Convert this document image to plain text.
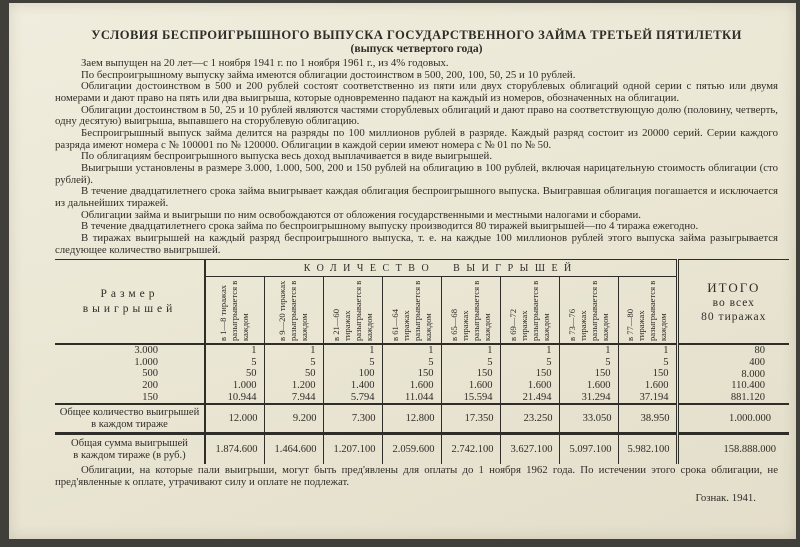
УСЛОВИЯ БЕСПРОИГРЫШНОГО ВЫПУСКА ГОСУДАРСТВЕННОГО ЗАЙМА ТРЕТЬЕЙ ПЯТИЛЕТКИ
(выпуск четвертого года)

Заем выпущен на 20 лет—с 1 ноября 1941 г. по 1 ноября 1961 г., из 4% годовых.

По беспроигрышному выпуску займа имеются облигации достоинством в 500, 200, 100, 50, 25 и 10 рублей.

Облигации достоинством в 500 и 200 рублей состоят соответственно из пяти или двух сторублевых облигаций одной серии с пятью или двумя номерами и дают право на пять или два выигрыша, которые одновременно падают на каждый из номеров, обозначенных на облигации.

Облигации достоинством в 50, 25 и 10 рублей являются частями сторублевых облигаций и дают право на соответствующую долю (половину, четверть, одну десятую) выигрыша, выпавшего на сторублевую облигацию.

Беспроигрышный выпуск займа делится на разряды по 100 миллионов рублей в разряде. Каждый разряд состоит из 20000 серий. Серии каждого разряда имеют номера с № 100001 по № 120000. Облигации в каждой серии имеют номера с № 01 по № 50.

По облигациям беспроигрышного выпуска весь доход выплачивается в виде выигрышей.

Выигрыши установлены в размере 3.000, 1.000, 500, 200 и 150 рублей на облигацию в 100 рублей, включая нарицательную стоимость облигации (сто рублей).

В течение двадцатилетнего срока займа выигрывает каждая облигация беспроигрышного выпуска. Выигравшая облигация погашается и исключается из дальнейших тиражей.

Облигации займа и выигрыши по ним освобождаются от обложения государственными и местными налогами и сборами.

В течение двадцатилетнего срока займа по беспроигрышному выпуску производится 80 тиражей выигрышей—по 4 тиража ежегодно.

В тиражах выигрышей на каждый разряд беспроигрышного выпуска, т. е. на каждые 100 миллионов рублей этого выпуска займа разыгрывается следующее количество выигрышей.

Размер
выигрышей
	КОЛИЧЕСТВО ВЫИГРЫШЕЙ	
ИТОГО
во всех
80 тиражах

	в 1—8 тиражах разыгрывается в каждом	в 9—20 тиражах разыгрывается в каждом	в 21—60 тиражах разыгрывается в каждом	в 61—64 тиражах разыгрывается в каждом	в 65—68 тиражах разыгрывается в каждом	в 69—72 тиражах разыгрывается в каждом	в 73—76 тиражах разыгрывается в каждом	в 77—80 тиражах разыгрывается в каждом	

3.000	1	1	1	1	1	1	1	1	80
1.000	5	5	5	5	5	5	5	5	400
500	50	50	100	150	150	150	150	150	8.000
200	1.000	1.200	1.400	1.600	1.600	1.600	1.600	1.600	110.400
150	10.944	7.944	5.794	11.044	15.594	21.494	31.294	37.194	881.120

Общее количество выигрышей
в каждом тираже	12.000	9.200	7.300	12.800	17.350	23.250	33.050	38.950	1.000.000

Общая сумма выигрышей
в каждом тираже (в руб.)	1.874.600	1.464.600	1.207.100	2.059.600	2.742.100	3.627.100	5.097.100	5.982.100	158.888.000

Облигации, на которые пали выигрыши, могут быть пред'явлены для оплаты до 1 ноября 1962 года. По истечении этого срока облигации, не пред'явленные к оплате, утрачивают силу и оплате не подлежат.

Гознак. 1941.
